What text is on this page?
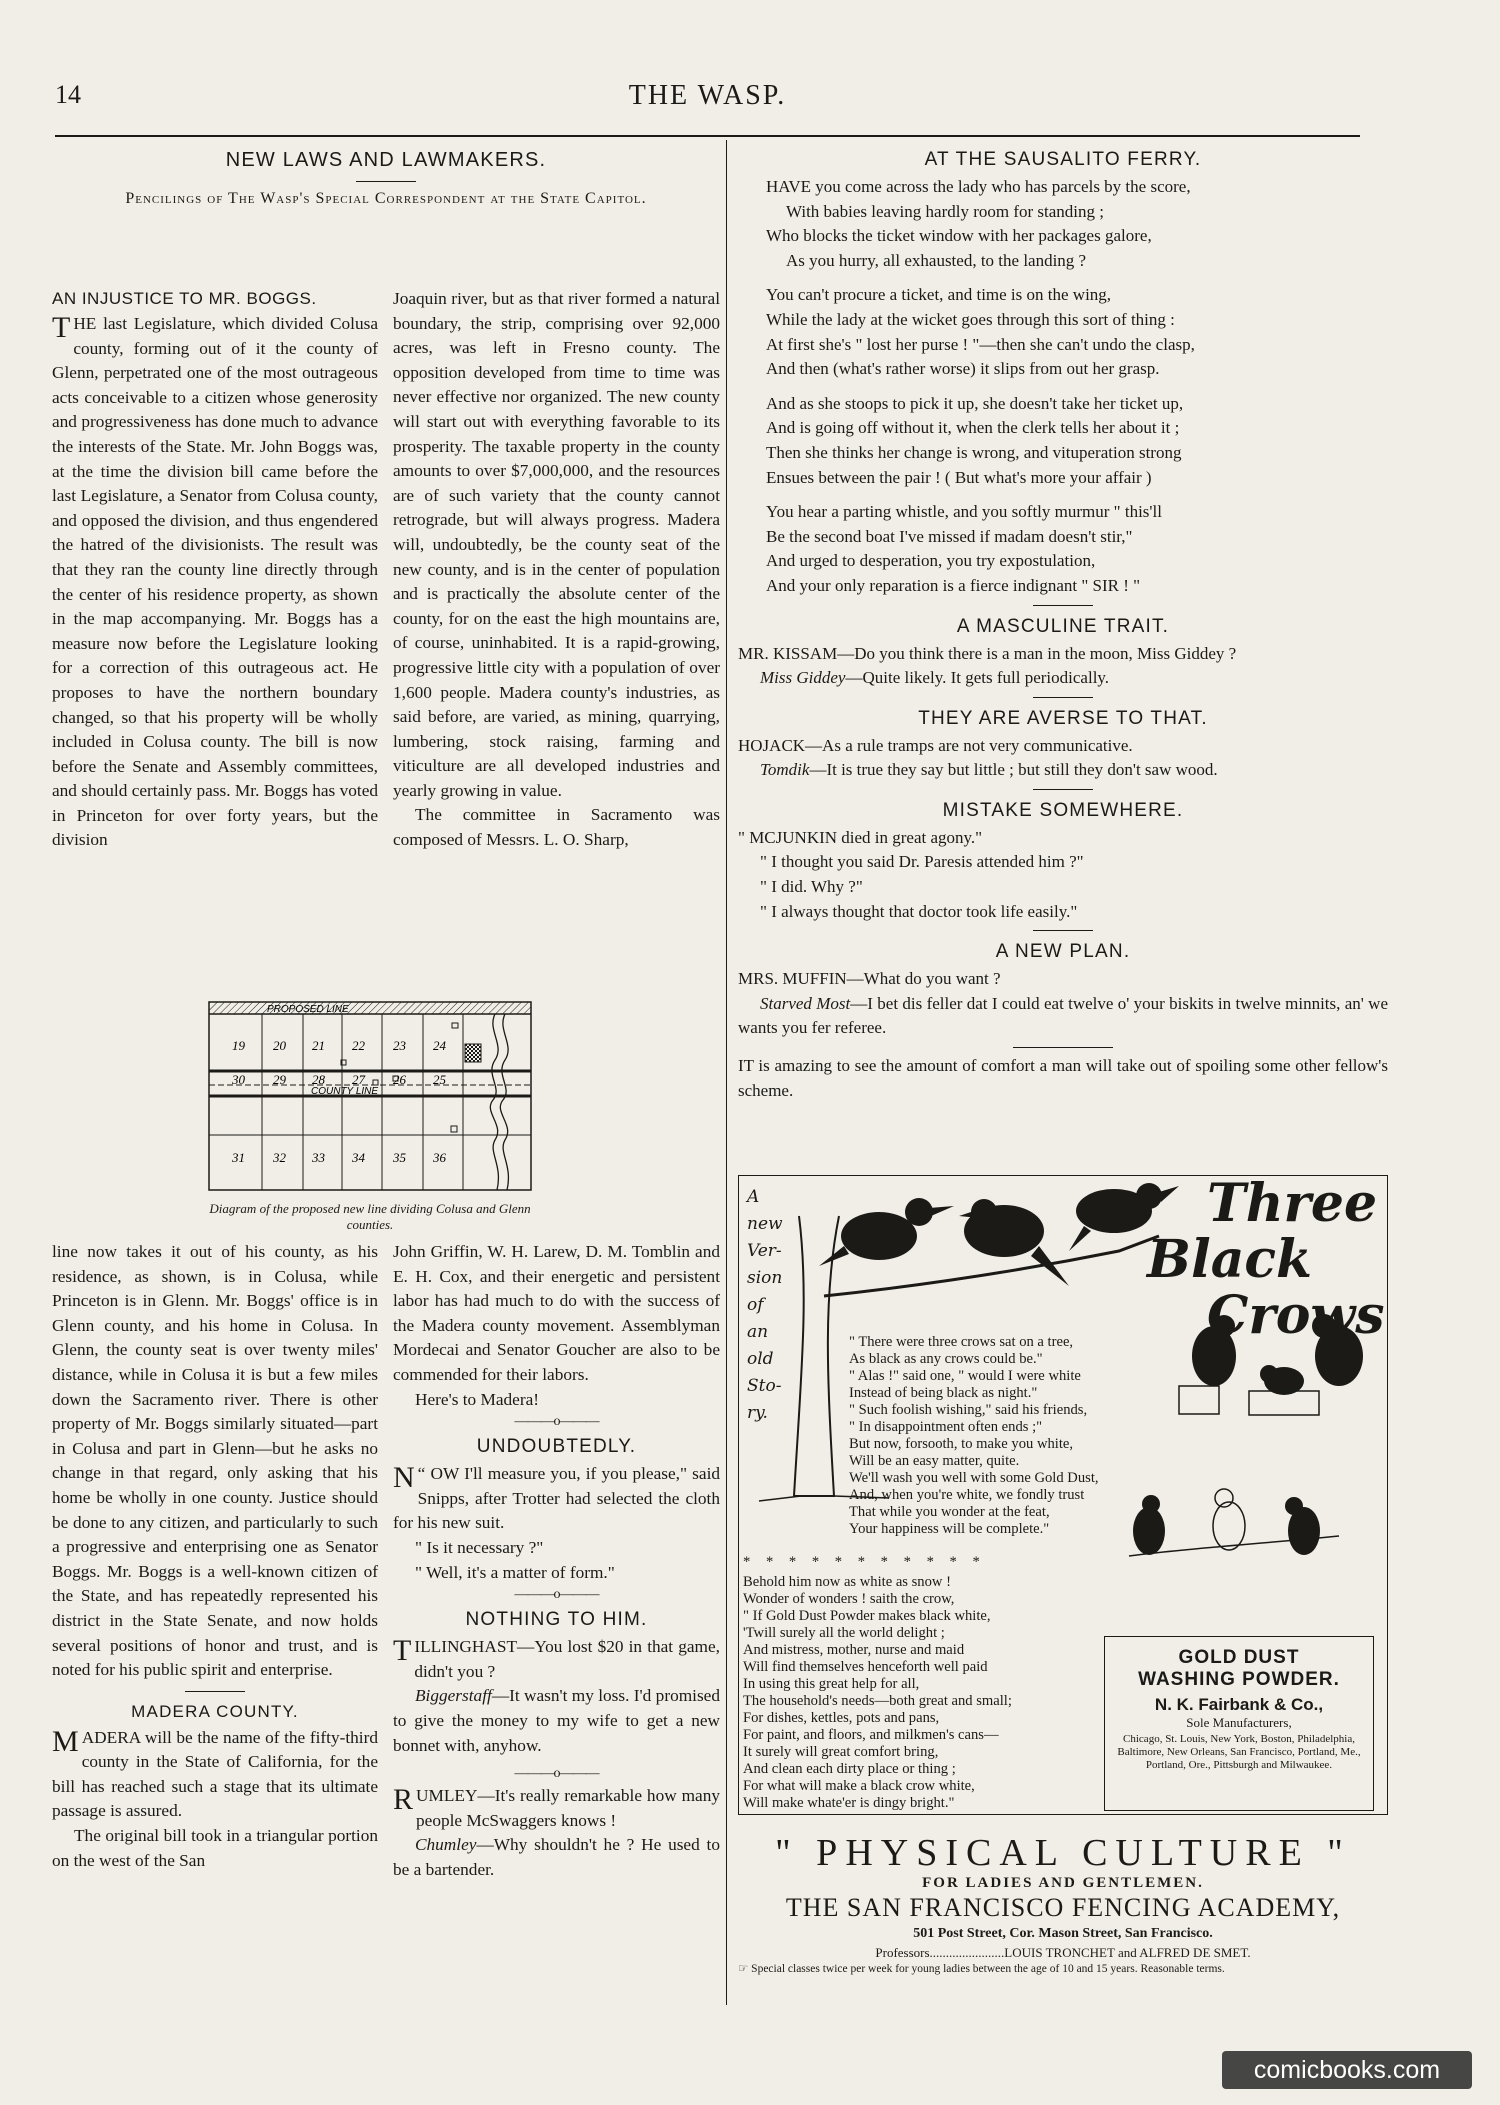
14	THE WASP.
NEW LAWS AND LAWMAKERS.
Pencilings of The Wasp's Special Correspondent at the State Capitol.
AN INJUSTICE TO MR. BOGGS.

THE last Legislature, which divided Colusa county, forming out of it the county of Glenn, perpetrated one of the most outrageous acts conceivable to a citizen whose generosity and progressiveness has done much to advance the interests of the State. Mr. John Boggs was, at the time the division bill came before the last Legislature, a Senator from Colusa county, and opposed the division, and thus engendered the hatred of the divisionists. The result was that they ran the county line directly through the center of his residence property, as shown in the map accompanying. Mr. Boggs has a measure now before the Legislature looking for a correction of this outrageous act. He proposes to have the northern boundary changed, so that his property will be wholly included in Colusa county. The bill is now before the Senate and Assembly committees, and should certainly pass. Mr. Boggs has voted in Princeton for over forty years, but the division

Joaquin river, but as that river formed a natural boundary, the strip, comprising over 92,000 acres, was left in Fresno county. The opposition developed from time to time was never effective nor organized. The new county will start out with everything favorable to its prosperity. The taxable property in the county amounts to over $7,000,000, and the resources are of such variety that the county cannot retrograde, but will always progress. Madera will, undoubtedly, be the county seat of the new county, and is in the center of population and is practically the absolute center of the county, for on the east the high mountains are, of course, uninhabited. It is a rapid-growing, progressive little city with a population of over 1,600 people. Madera county's industries, as said before, are varied, as mining, quarrying, lumbering, stock raising, farming and viticulture are all developed industries and yearly growing in value.

The committee in Sacramento was composed of Messrs. L. O. Sharp,

PROPOSED LINE
COUNTY LINE
19 20 21 22 23 24
30 29 28 27 26 25
31 32 33 34 35 36
Diagram of the proposed new line dividing Colusa and Glenn counties.

line now takes it out of his county, as his residence, as shown, is in Colusa, while Princeton is in Glenn. Mr. Boggs' office is in Glenn county, and his home in Colusa. In Glenn, the county seat is over twenty miles' distance, while in Colusa it is but a few miles down the Sacramento river. There is other property of Mr. Boggs similarly situated—part in Colusa and part in Glenn—but he asks no change in that regard, only asking that his home be wholly in one county. Justice should be done to any citizen, and particularly to such a progressive and enterprising one as Senator Boggs. Mr. Boggs is a well-known citizen of the State, and has repeatedly represented his district in the State Senate, and now holds several positions of honor and trust, and is noted for his public spirit and enterprise.

MADERA COUNTY.

MADERA will be the name of the fifty-third county in the State of California, for the bill has reached such a stage that its ultimate passage is assured.

The original bill took in a triangular portion on the west of the San

John Griffin, W. H. Larew, D. M. Tomblin and E. H. Cox, and their energetic and persistent labor has had much to do with the success of the Madera county movement. Assemblyman Mordecai and Senator Goucher are also to be commended for their labors.

Here's to Madera!

———o———
UNDOUBTEDLY.

“
N OW I'll measure you, if you please," said Snipps, after Trotter had selected the cloth for his new suit.

" Is it necessary ?"

" Well, it's a matter of form."

———o———
NOTHING TO HIM.

TILLINGHAST—You lost $20 in that game, didn't you ?

Biggerstaff—It wasn't my loss. I'd promised to give the money to my wife to get a new bonnet with, anyhow.

———o———

RUMLEY—It's really remarkable how many people McSwaggers knows !

Chumley—Why shouldn't he ? He used to be a bartender.

AT THE SAUSALITO FERRY.

HAVE you come across the lady who has parcels by the score,

With babies leaving hardly room for standing ;

Who blocks the ticket window with her packages galore,

As you hurry, all exhausted, to the landing ?

You can't procure a ticket, and time is on the wing,

While the lady at the wicket goes through this sort of thing :

At first she's " lost her purse ! "—then she can't undo the clasp,

And then (what's rather worse) it slips from out her grasp.

And as she stoops to pick it up, she doesn't take her ticket up,

And is going off without it, when the clerk tells her about it ;

Then she thinks her change is wrong, and vituperation strong

Ensues between the pair ! ( But what's more your affair )

You hear a parting whistle, and you softly murmur " this'll

Be the second boat I've missed if madam doesn't stir,"

And urged to desperation, you try expostulation,

And your only reparation is a fierce indignant " SIR ! "

A MASCULINE TRAIT.

MR. KISSAM—Do you think there is a man in the moon, Miss Giddey ?

Miss Giddey—Quite likely. It gets full periodically.

THEY ARE AVERSE TO THAT.

HOJACK—As a rule tramps are not very communicative.

Tomdik—It is true they say but little ; but still they don't saw wood.

MISTAKE SOMEWHERE.

" MCJUNKIN died in great agony."

" I thought you said Dr. Paresis attended him ?"

" I did. Why ?"

" I always thought that doctor took life easily."

A NEW PLAN.

MRS. MUFFIN—What do you want ?

Starved Most—I bet dis feller dat I could eat twelve o' your biskits in twelve minnits, an' we wants you fer referee.

IT is amazing to see the amount of comfort a man will take out of spoiling some other fellow's scheme.

A
new
Ver-
sion
of
an
old
Sto-
ry.
Three
Black
Crows
" There were three crows sat on a tree,
As black as any crows could be."
" Alas !" said one, " would I were white
Instead of being black as night."
" Such foolish wishing," said his friends,
" In disappointment often ends ;"
But now, forsooth, to make you white,
Will be an easy matter, quite.
We'll wash you well with some Gold Dust,
And, when you're white, we fondly trust
That while you wonder at the feat,
Your happiness will be complete."
* * * * * * * * * * *
Behold him now as white as snow !
Wonder of wonders ! saith the crow,
" If Gold Dust Powder makes black white,
'Twill surely all the world delight ;
And mistress, mother, nurse and maid
Will find themselves henceforth well paid
In using this great help for all,
The household's needs—both great and small;
For dishes, kettles, pots and pans,
For paint, and floors, and milkmen's cans—
It surely will great comfort bring,
And clean each dirty place or thing ;
For what will make a black crow white,
Will make whate'er is dingy bright."
GOLD DUST
WASHING POWDER.
N. K. Fairbank & Co.,
Sole Manufacturers,
Chicago, St. Louis, New York, Boston, Philadelphia, Baltimore, New Orleans, San Francisco, Portland, Me., Portland, Ore., Pittsburgh and Milwaukee.
" PHYSICAL CULTURE "
FOR LADIES AND GENTLEMEN.
THE SAN FRANCISCO FENCING ACADEMY,
501 Post Street, Cor. Mason Street, San Francisco.
Professors.......................LOUIS TRONCHET and ALFRED DE SMET.
☞ Special classes twice per week for young ladies between the age of 10 and 15 years. Reasonable terms.
comicbooks.com
